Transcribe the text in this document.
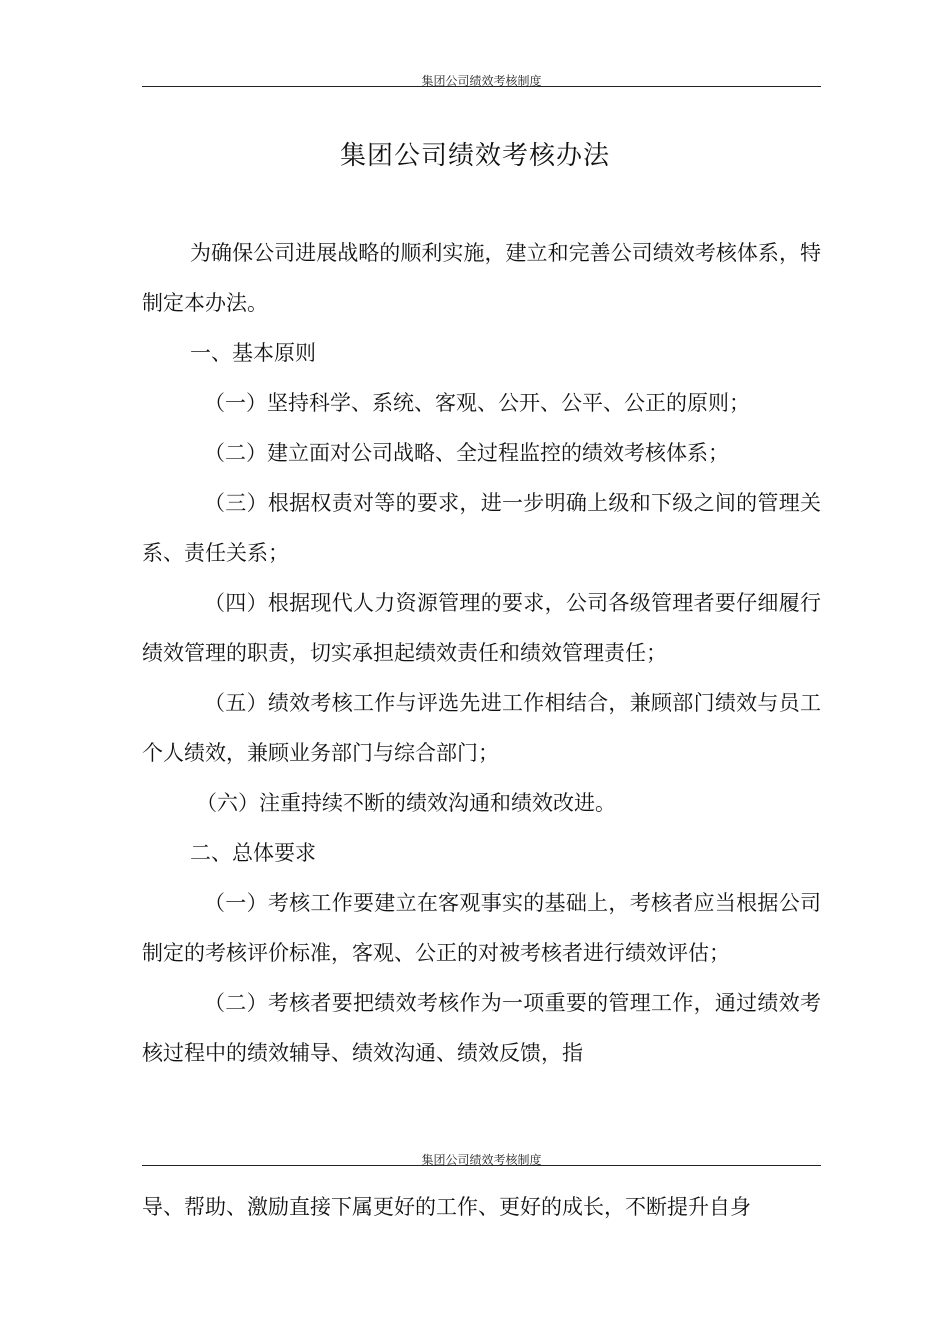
集团公司绩效考核制度
集团公司绩效考核办法

为确保公司进展战略的顺利实施，建立和完善公司绩效考核体系，特制定本办法。

一、基本原则

（一）坚持科学、系统、客观、公开、公平、公正的原则；

（二）建立面对公司战略、全过程监控的绩效考核体系；

（三）根据权责对等的要求，进一步明确上级和下级之间的管理关系、责任关系；

（四）根据现代人力资源管理的要求，公司各级管理者要仔细履行绩效管理的职责，切实承担起绩效责任和绩效管理责任；

（五）绩效考核工作与评选先进工作相结合，兼顾部门绩效与员工个人绩效，兼顾业务部门与综合部门；

（六）注重持续不断的绩效沟通和绩效改进。

二、总体要求

（一）考核工作要建立在客观事实的基础上，考核者应当根据公司制定的考核评价标准，客观、公正的对被考核者进行绩效评估；

（二）考核者要把绩效考核作为一项重要的管理工作，通过绩效考核过程中的绩效辅导、绩效沟通、绩效反馈，指

集团公司绩效考核制度

导、帮助、激励直接下属更好的工作、更好的成长，不断提升自身
